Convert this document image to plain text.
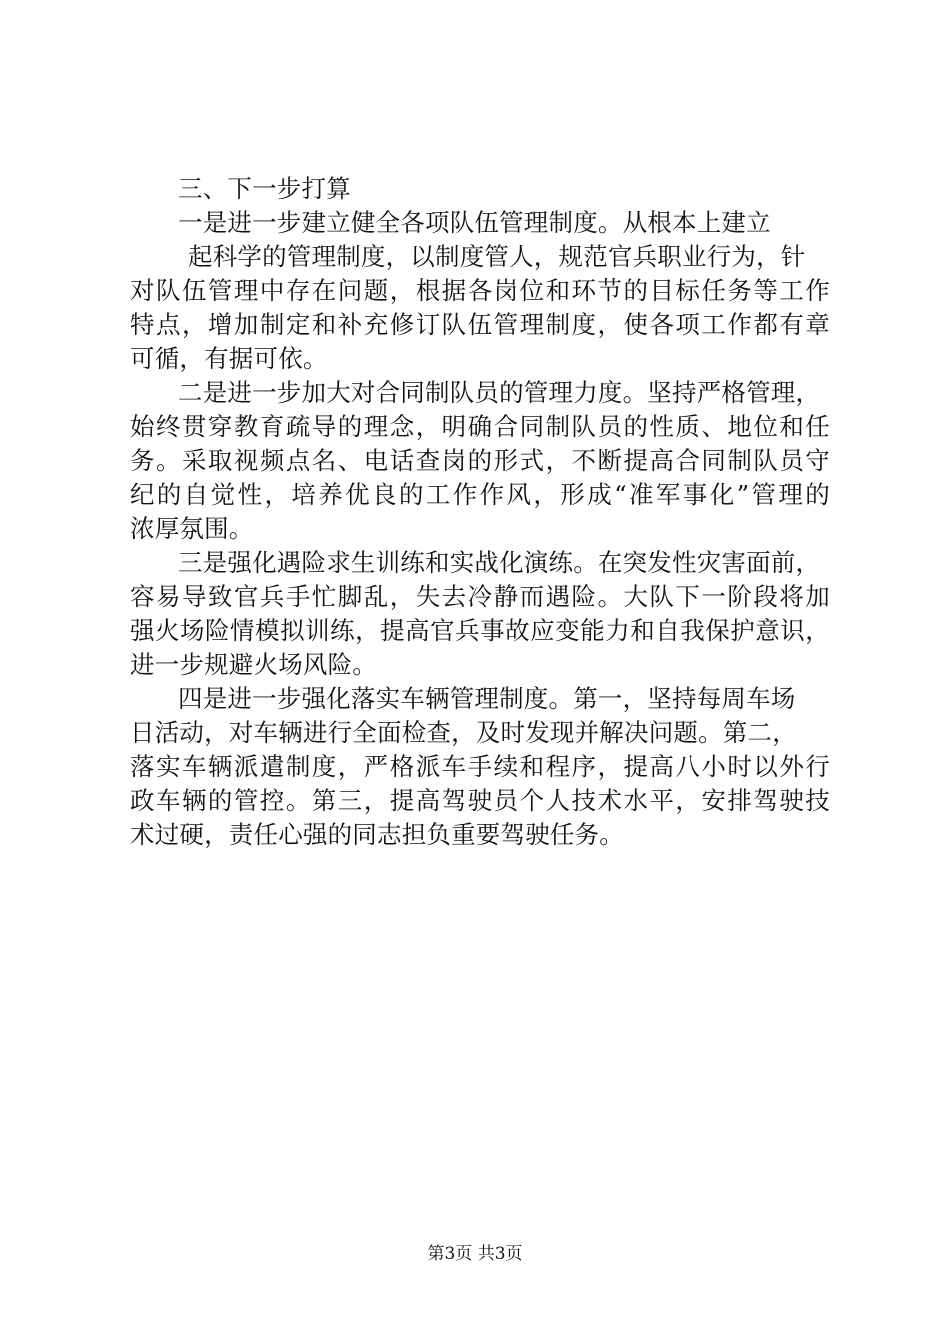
三、下一步打算
一是进一步建立健全各项队伍管理制度。从根本上建立
起科学的管理制度，以制度管人，规范官兵职业行为，针
对队伍管理中存在问题，根据各岗位和环节的目标任务等工作
特点，增加制定和补充修订队伍管理制度，使各项工作都有章
可循，有据可依。
二是进一步加大对合同制队员的管理力度。坚持严格管理，
始终贯穿教育疏导的理念，明确合同制队员的性质、地位和任
务。采取视频点名、电话查岗的形式，不断提高合同制队员守
纪的自觉性，培养优良的工作作风，形成“准军事化”管理的
浓厚氛围。
三是强化遇险求生训练和实战化演练。在突发性灾害面前，
容易导致官兵手忙脚乱，失去冷静而遇险。大队下一阶段将加
强火场险情模拟训练，提高官兵事故应变能力和自我保护意识，
进一步规避火场风险。
四是进一步强化落实车辆管理制度。第一，坚持每周车场
日活动，对车辆进行全面检查，及时发现并解决问题。第二，
落实车辆派遣制度，严格派车手续和程序，提高八小时以外行
政车辆的管控。第三，提高驾驶员个人技术水平，安排驾驶技
术过硬，责任心强的同志担负重要驾驶任务。
第3页 共3页
